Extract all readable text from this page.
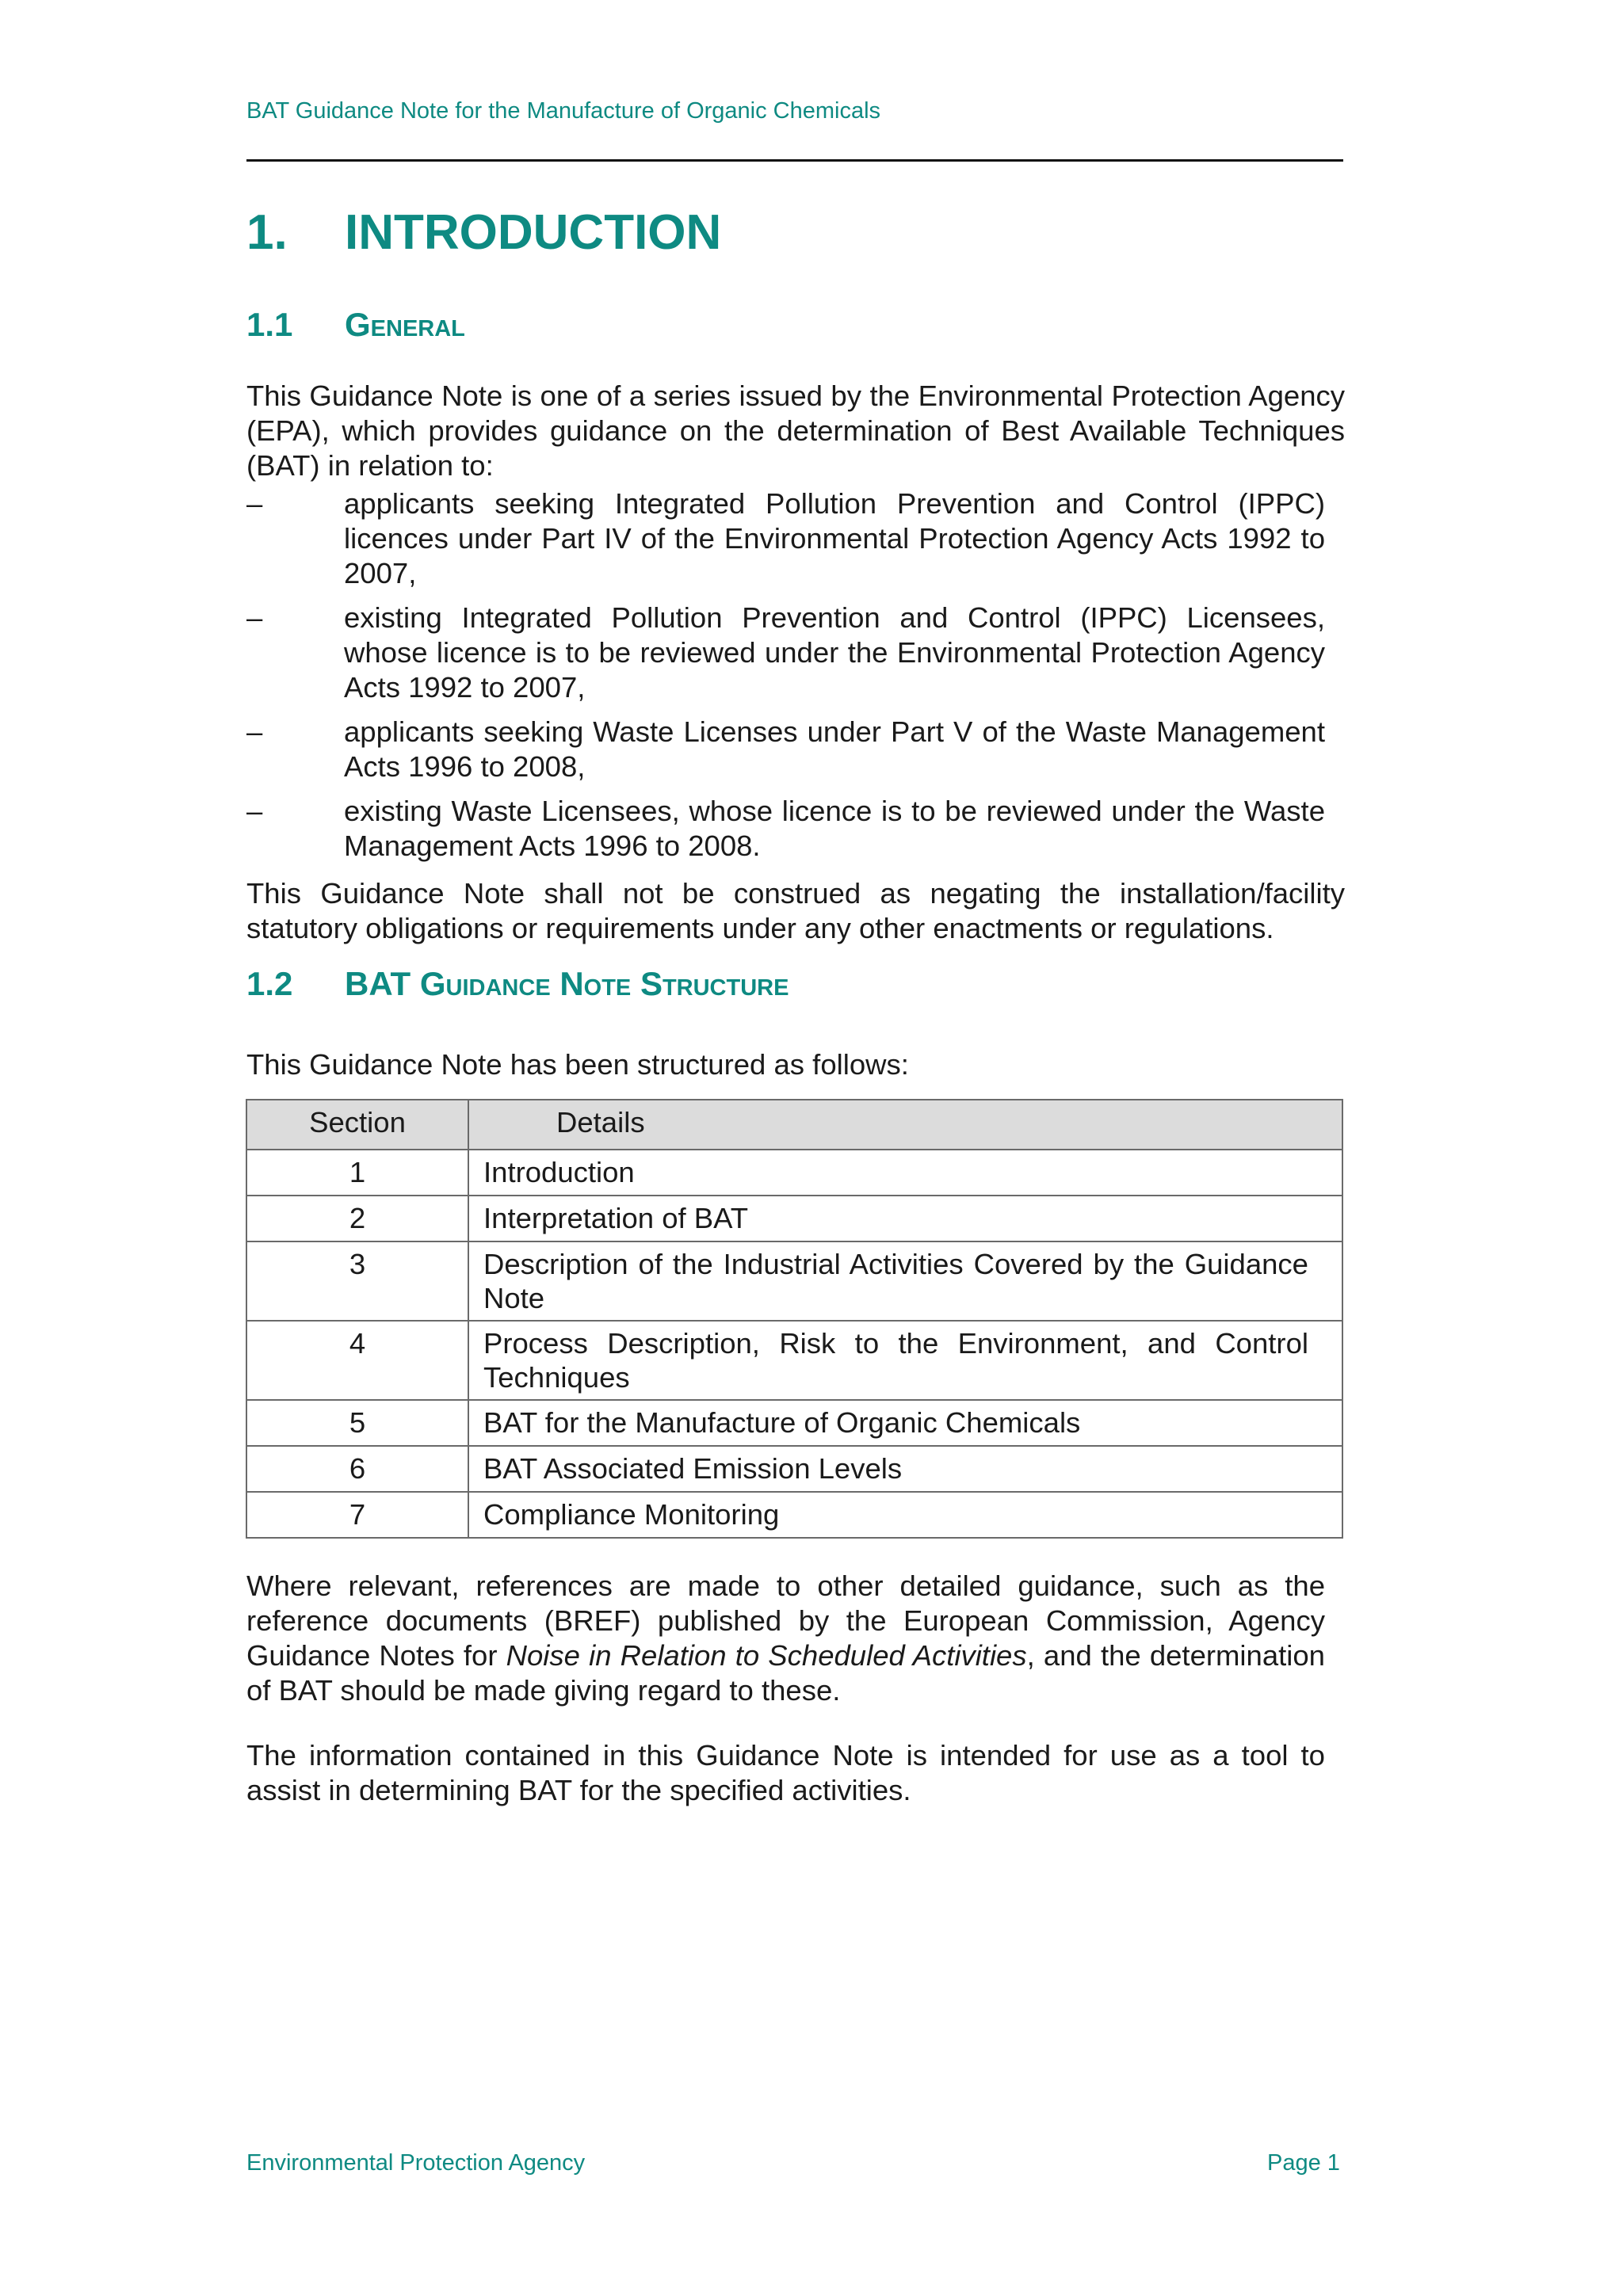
BAT Guidance Note for the Manufacture of Organic Chemicals
1. INTRODUCTION
1.1 General
This Guidance Note is one of a series issued by the Environmental Protection Agency (EPA), which provides guidance on the determination of Best Available Techniques (BAT) in relation to:
–	applicants seeking Integrated Pollution Prevention and Control (IPPC) licences under Part IV of the Environmental Protection Agency Acts 1992 to 2007,
–	existing Integrated Pollution Prevention and Control (IPPC) Licensees, whose licence is to be reviewed under the Environmental Protection Agency Acts 1992 to 2007,
–	applicants seeking Waste Licenses under Part V of the Waste Management Acts 1996 to 2008,
–	existing Waste Licensees, whose licence is to be reviewed under the Waste Management Acts 1996 to 2008.
This Guidance Note shall not be construed as negating the installation/facility statutory obligations or requirements under any other enactments or regulations.
1.2 BAT Guidance Note Structure
This Guidance Note has been structured as follows:
Section	Details
1	Introduction
2	Interpretation of BAT
3	Description of the Industrial Activities Covered by the Guidance Note
4	Process Description, Risk to the Environment, and Control Techniques
5	BAT for the Manufacture of Organic Chemicals
6	BAT Associated Emission Levels
7	Compliance Monitoring
Where relevant, references are made to other detailed guidance, such as the reference documents (BREF) published by the European Commission, Agency Guidance Notes for Noise in Relation to Scheduled Activities, and the determination of BAT should be made giving regard to these.
The information contained in this Guidance Note is intended for use as a tool to assist in determining BAT for the specified activities.
Environmental Protection Agency	Page 1
